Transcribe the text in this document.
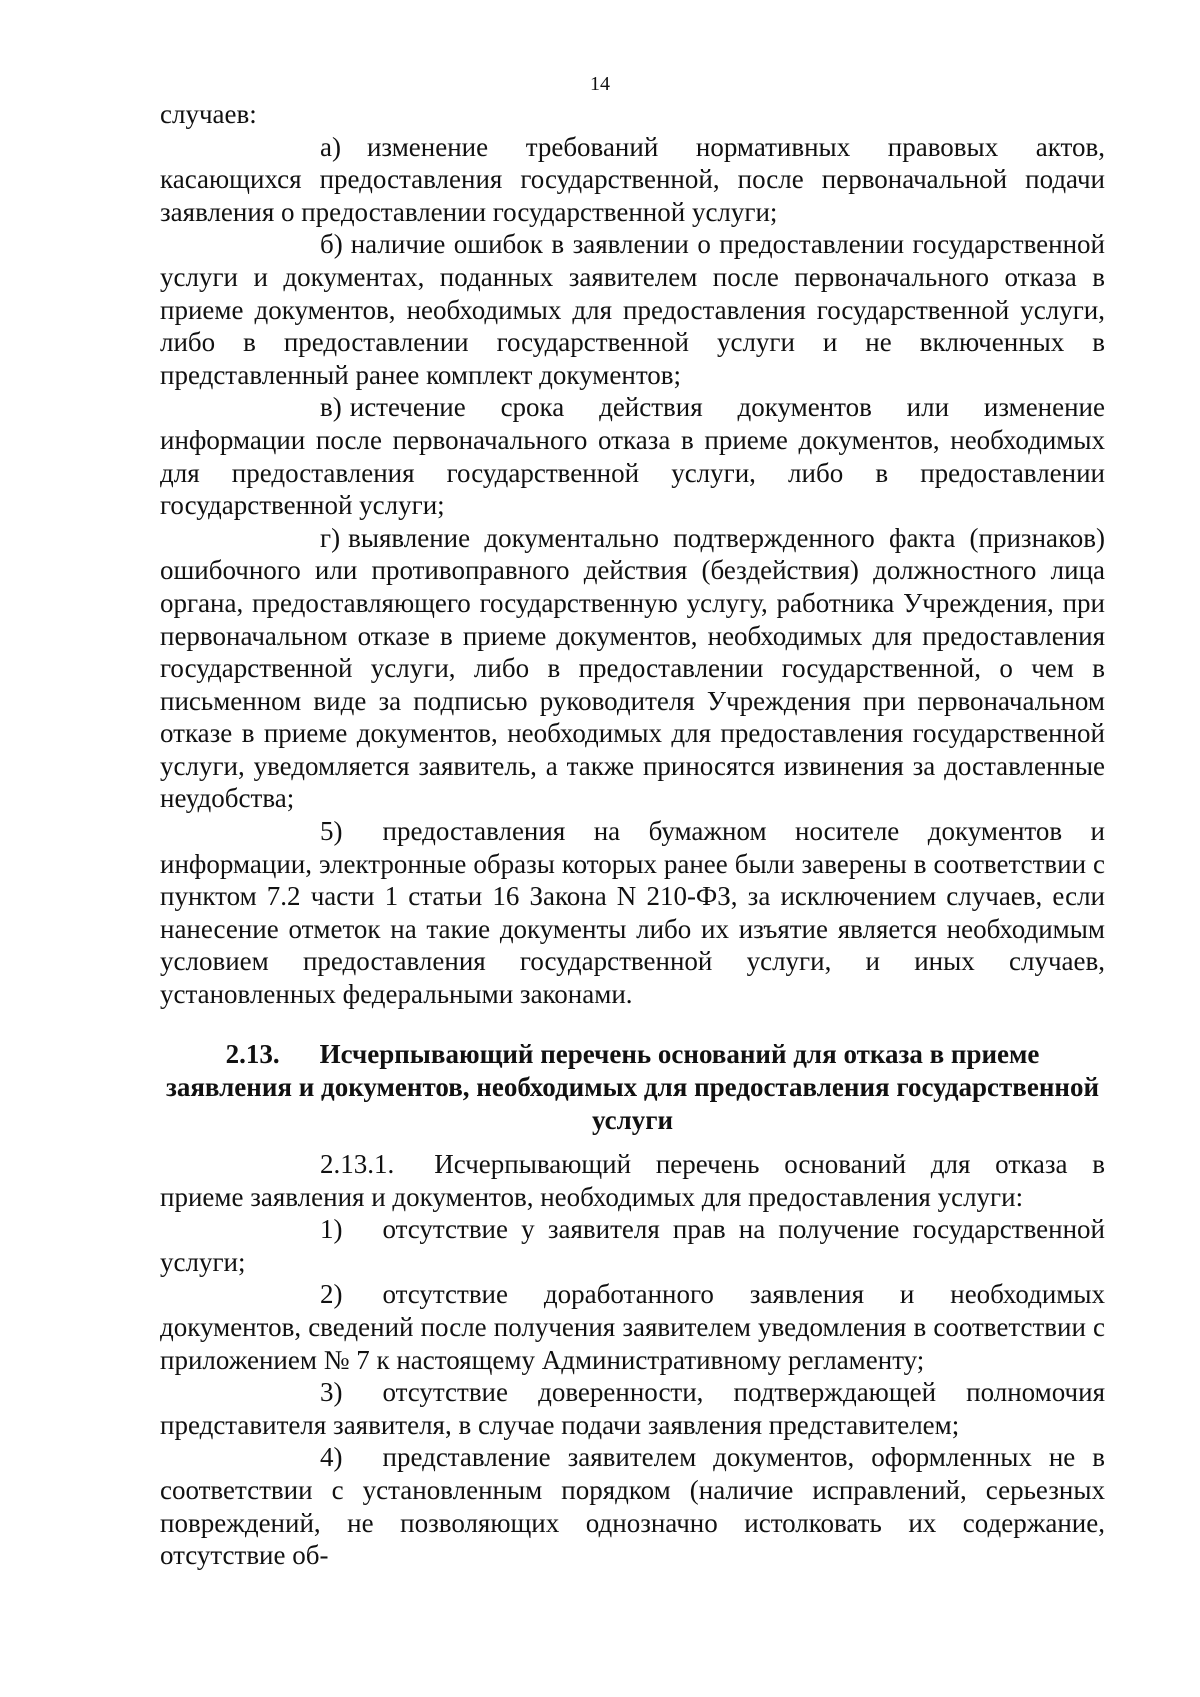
14

случаев:

а) изменение требований нормативных правовых актов, касающихся предоставления государственной, после первоначальной подачи заявления о предоставлении государственной услуги;

б) наличие ошибок в заявлении о предоставлении государственной услуги и документах, поданных заявителем после первоначального отказа в приеме документов, необходимых для предоставления государственной услуги, либо в предоставлении государственной услуги и не включенных в представленный ранее комплект документов;

в) истечение срока действия документов или изменение информации после первоначального отказа в приеме документов, необходимых для предоставления государственной услуги, либо в предоставлении государственной услуги;

г) выявление документально подтвержденного факта (признаков) ошибочного или противоправного действия (бездействия) должностного лица органа, предоставляющего государственную услугу, работника Учреждения, при первоначальном отказе в приеме документов, необходимых для предоставления государственной услуги, либо в предоставлении государственной, о чем в письменном виде за подписью руководителя Учреждения при первоначальном отказе в приеме документов, необходимых для предоставления государственной услуги, уведомляется заявитель, а также приносятся извинения за доставленные неудобства;

5) предоставления на бумажном носителе документов и информации, электронные образы которых ранее были заверены в соответствии с пунктом 7.2 части 1 статьи 16 Закона N 210-ФЗ, за исключением случаев, если нанесение отметок на такие документы либо их изъятие является необходимым условием предоставления государственной услуги, и иных случаев, установленных федеральными законами.

2.13. Исчерпывающий перечень оснований для отказа в приеме заявления и документов, необходимых для предоставления государственной услуги

2.13.1. Исчерпывающий перечень оснований для отказа в приеме заявления и документов, необходимых для предоставления услуги:

1) отсутствие у заявителя прав на получение государственной услуги;

2) отсутствие доработанного заявления и необходимых документов, сведений после получения заявителем уведомления в соответствии с приложением № 7 к настоящему Административному регламенту;

3) отсутствие доверенности, подтверждающей полномочия представителя заявителя, в случае подачи заявления представителем;

4) представление заявителем документов, оформленных не в соответствии с установленным порядком (наличие исправлений, серьезных повреждений, не позволяющих однозначно истолковать их содержание, отсутствие об-
